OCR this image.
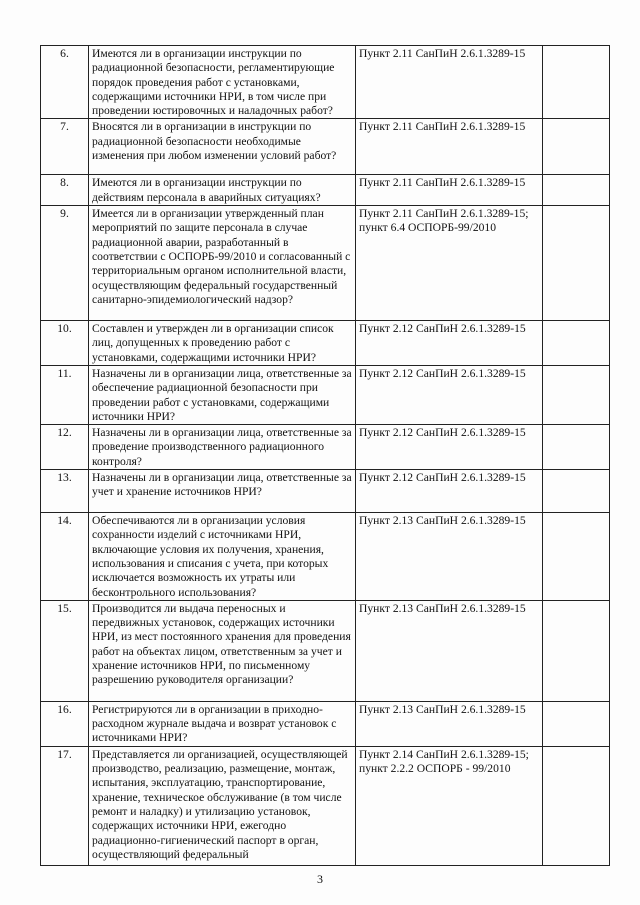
6.	Имеются ли в организации инструкции по радиационной безопасности, регламентирующие порядок проведения работ с установками, содержащими источники НРИ, в том числе при проведении юстировочных и наладочных работ?	Пункт 2.11 СанПиН 2.6.1.3289-15	
7.	Вносятся ли в организации в инструкции по радиационной безопасности необходимые изменения при любом изменении условий работ?	Пункт 2.11 СанПиН 2.6.1.3289-15	
8.	Имеются ли в организации инструкции по действиям персонала в аварийных ситуациях?	Пункт 2.11 СанПиН 2.6.1.3289-15	
9.	Имеется ли в организации утвержденный план мероприятий по защите персонала в случае радиационной аварии, разработанный в соответствии с ОСПОРБ-99/2010 и согласованный с территориальным органом исполнительной власти, осуществляющим федеральный государственный санитарно-эпидемиологический надзор?	Пункт 2.11 СанПиН 2.6.1.3289-15; пункт 6.4 ОСПОРБ-99/2010	
10.	Составлен и утвержден ли в организации список лиц, допущенных к проведению работ с установками, содержащими источники НРИ?	Пункт 2.12 СанПиН 2.6.1.3289-15	
11.	Назначены ли в организации лица, ответственные за обеспечение радиационной безопасности при проведении работ с установками, содержащими источники НРИ?	Пункт 2.12 СанПиН 2.6.1.3289-15	
12.	Назначены ли в организации лица, ответственные за проведение производственного радиационного контроля?	Пункт 2.12 СанПиН 2.6.1.3289-15	
13.	Назначены ли в организации лица, ответственные за учет и хранение источников НРИ?	Пункт 2.12 СанПиН 2.6.1.3289-15	
14.	Обеспечиваются ли в организации условия сохранности изделий с источниками НРИ, включающие условия их получения, хранения, использования и списания с учета, при которых исключается возможность их утраты или бесконтрольного использования?	Пункт 2.13 СанПиН 2.6.1.3289-15	
15.	Производится ли выдача переносных и передвижных установок, содержащих источники НРИ, из мест постоянного хранения для проведения работ на объектах лицом, ответственным за учет и хранение источников НРИ, по письменному разрешению руководителя организации?	Пункт 2.13 СанПиН 2.6.1.3289-15	
16.	Регистрируются ли в организации в приходно-расходном журнале выдача и возврат установок с источниками НРИ?	Пункт 2.13 СанПиН 2.6.1.3289-15	
17.	Представляется ли организацией, осуществляющей производство, реализацию, размещение, монтаж, испытания, эксплуатацию, транспортирование, хранение, техническое обслуживание (в том числе ремонт и наладку) и утилизацию установок, содержащих источники НРИ, ежегодно радиационно-гигиенический паспорт в орган, осуществляющий федеральный	Пункт 2.14 СанПиН 2.6.1.3289-15; пункт 2.2.2 ОСПОРБ - 99/2010	
3
